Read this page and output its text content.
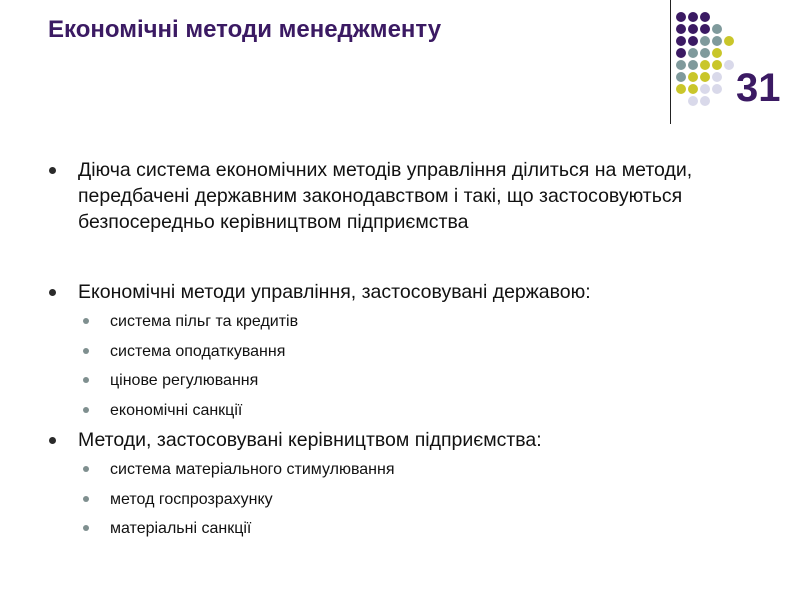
Економічні методи менеджменту
31
Діюча система економічних методів управління ділиться на методи, передбачені державним законодавством і такі, що застосовуються безпосередньо керівництвом підприємства
Економічні методи управління, застосовувані державою:
система пільг та кредитів
система оподаткування
цінове регулювання
економічні санкції
Методи, застосовувані керівництвом підприємства:
система матеріального стимулювання
метод госпрозрахунку
матеріальні санкції
